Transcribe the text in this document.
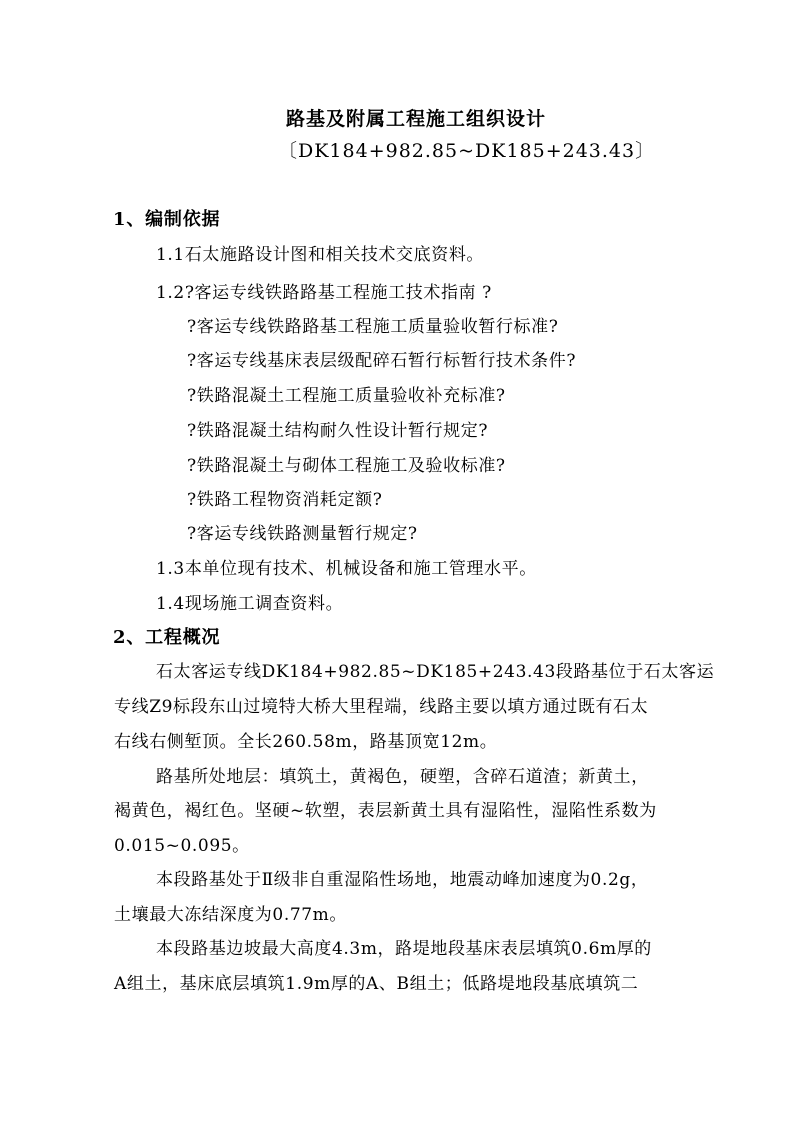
路基及附属工程施工组织设计
〔DK184+982.85~DK185+243.43〕
1、编制依据
1.1石太施路设计图和相关技术交底资料。
1.2?客运专线铁路路基工程施工技术指南 ?
?客运专线铁路路基工程施工质量验收暂行标准?
?客运专线基床表层级配碎石暂行标暂行技术条件?
?铁路混凝土工程施工质量验收补充标准?
?铁路混凝土结构耐久性设计暂行规定?
?铁路混凝土与砌体工程施工及验收标准?
?铁路工程物资消耗定额?
?客运专线铁路测量暂行规定?
1.3本单位现有技术、机械设备和施工管理水平。
1.4现场施工调查资料。
2、工程概况
石太客运专线DK184+982.85~DK185+243.43段路基位于石太客运
专线Z9标段东山过境特大桥大里程端，线路主要以填方通过既有石太
右线右侧堑顶。全长260.58m，路基顶宽12m。
路基所处地层：填筑土，黄褐色，硬塑，含碎石道渣；新黄土，
褐黄色，褐红色。坚硬~软塑，表层新黄土具有湿陷性，湿陷性系数为
0.015~0.095。
本段路基处于Ⅱ级非自重湿陷性场地，地震动峰加速度为0.2g，
土壤最大冻结深度为0.77m。
本段路基边坡最大高度4.3m，路堤地段基床表层填筑0.6m厚的
A组土，基床底层填筑1.9m厚的A、B组土；低路堤地段基底填筑二
